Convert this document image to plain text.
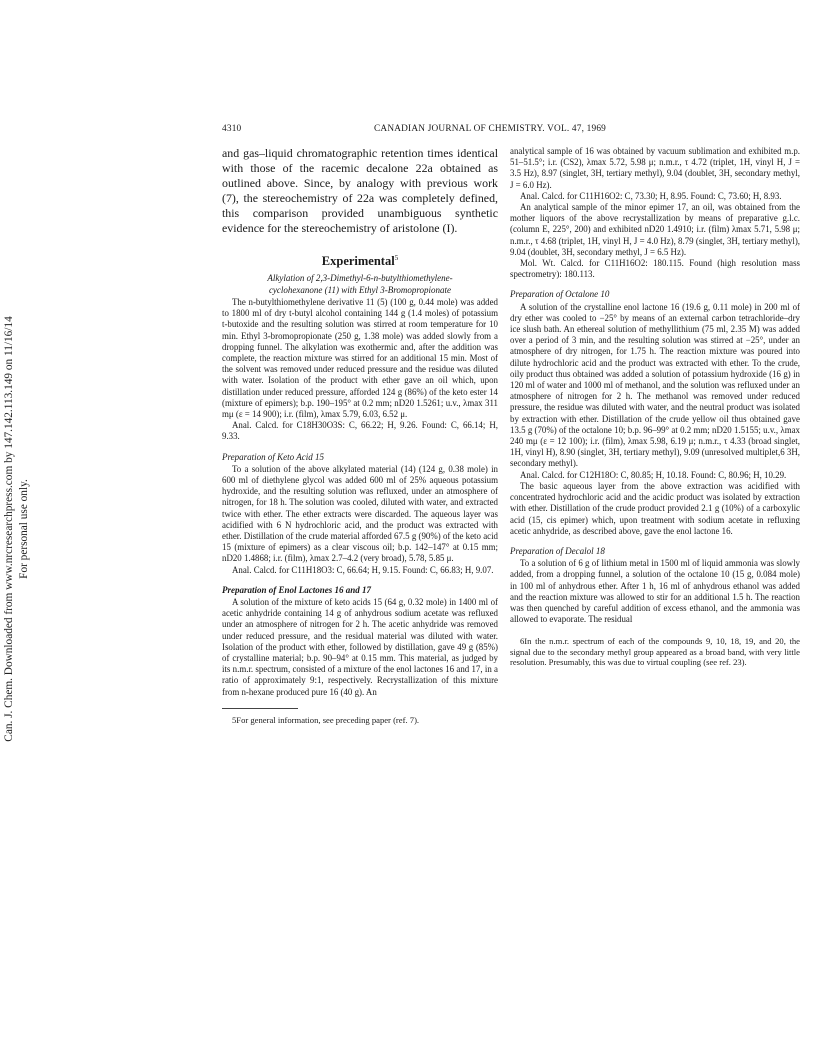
4310	CANADIAN JOURNAL OF CHEMISTRY. VOL. 47, 1969
Can. J. Chem. Downloaded from www.nrcresearchpress.com by 147.142.113.149 on 11/16/14 For personal use only.

and gas–liquid chromatographic retention times identical with those of the racemic decalone 22a obtained as outlined above. Since, by analogy with previous work (7), the stereochemistry of 22a was completely defined, this comparison provided unambiguous synthetic evidence for the stereochemistry of aristolone (I).

Experimental$^5$

Alkylation of 2,3-Dimethyl-6-n-butylthiomethylene-

cyclohexanone (11) with Ethyl 3-Bromopropionate

The n-butylthiomethylene derivative 11 (5) (100 g, 0.44 mole) was added to 1800 ml of dry t-butyl alcohol containing 144 g (1.4 moles) of potassium t-butoxide and the resulting solution was stirred at room temperature for 10 min. Ethyl 3-bromopropionate (250 g, 1.38 mole) was added slowly from a dropping funnel. The alkylation was exothermic and, after the addition was complete, the reaction mixture was stirred for an additional 15 min. Most of the solvent was removed under reduced pressure and the residue was diluted with water. Isolation of the product with ether gave an oil which, upon distillation under reduced pressure, afforded 124 g (86%) of the keto ester 14 (mixture of epimers); b.p. 190–195° at 0.2 mm; nD20 1.5261; u.v., λmax 311 mμ (ε = 14 900); i.r. (film), λmax 5.79, 6.03, 6.52 μ.

Anal. Calcd. for C18H30O3S: C, 66.22; H, 9.26. Found: C, 66.14; H, 9.33.

Preparation of Keto Acid 15

To a solution of the above alkylated material (14) (124 g, 0.38 mole) in 600 ml of diethylene glycol was added 600 ml of 25% aqueous potassium hydroxide, and the resulting solution was refluxed, under an atmosphere of nitrogen, for 18 h. The solution was cooled, diluted with water, and extracted twice with ether. The ether extracts were discarded. The aqueous layer was acidified with 6 N hydrochloric acid, and the product was extracted with ether. Distillation of the crude material afforded 67.5 g (90%) of the keto acid 15 (mixture of epimers) as a clear viscous oil; b.p. 142–147° at 0.15 mm; nD20 1.4868; i.r. (film), λmax 2.7–4.2 (very broad), 5.78, 5.85 μ.

Anal. Calcd. for C11H18O3: C, 66.64; H, 9.15. Found: C, 66.83; H, 9.07.

Preparation of Enol Lactones 16 and 17

A solution of the mixture of keto acids 15 (64 g, 0.32 mole) in 1400 ml of acetic anhydride containing 14 g of anhydrous sodium acetate was refluxed under an atmosphere of nitrogen for 2 h. The acetic anhydride was removed under reduced pressure, and the residual material was diluted with water. Isolation of the product with ether, followed by distillation, gave 49 g (85%) of crystalline material; b.p. 90–94° at 0.15 mm. This material, as judged by its n.m.r. spectrum, consisted of a mixture of the enol lactones 16 and 17, in a ratio of approximately 9:1, respectively. Recrystallization of this mixture from n-hexane produced pure 16 (40 g). An

5For general information, see preceding paper (ref. 7).

analytical sample of 16 was obtained by vacuum sublimation and exhibited m.p. 51–51.5°; i.r. (CS2), λmax 5.72, 5.98 μ; n.m.r., τ 4.72 (triplet, 1H, vinyl H, J = 3.5 Hz), 8.97 (singlet, 3H, tertiary methyl), 9.04 (doublet, 3H, secondary methyl, J = 6.0 Hz).

Anal. Calcd. for C11H16O2: C, 73.30; H, 8.95. Found: C, 73.60; H, 8.93.

An analytical sample of the minor epimer 17, an oil, was obtained from the mother liquors of the above recrystallization by means of preparative g.l.c. (column E, 225°, 200) and exhibited nD20 1.4910; i.r. (film) λmax 5.71, 5.98 μ; n.m.r., τ 4.68 (triplet, 1H, vinyl H, J = 4.0 Hz), 8.79 (singlet, 3H, tertiary methyl), 9.04 (doublet, 3H, secondary methyl, J = 6.5 Hz).

Mol. Wt. Calcd. for C11H16O2: 180.115. Found (high resolution mass spectrometry): 180.113.

Preparation of Octalone 10

A solution of the crystalline enol lactone 16 (19.6 g, 0.11 mole) in 200 ml of dry ether was cooled to −25° by means of an external carbon tetrachloride–dry ice slush bath. An ethereal solution of methyllithium (75 ml, 2.35 M) was added over a period of 3 min, and the resulting solution was stirred at −25°, under an atmosphere of dry nitrogen, for 1.75 h. The reaction mixture was poured into dilute hydrochloric acid and the product was extracted with ether. To the crude, oily product thus obtained was added a solution of potassium hydroxide (16 g) in 120 ml of water and 1000 ml of methanol, and the solution was refluxed under an atmosphere of nitrogen for 2 h. The methanol was removed under reduced pressure, the residue was diluted with water, and the neutral product was isolated by extraction with ether. Distillation of the crude yellow oil thus obtained gave 13.5 g (70%) of the octalone 10; b.p. 96–99° at 0.2 mm; nD20 1.5155; u.v., λmax 240 mμ (ε = 12 100); i.r. (film), λmax 5.98, 6.19 μ; n.m.r., τ 4.33 (broad singlet, 1H, vinyl H), 8.90 (singlet, 3H, tertiary methyl), 9.09 (unresolved multiplet,6 3H, secondary methyl).

Anal. Calcd. for C12H18O: C, 80.85; H, 10.18. Found: C, 80.96; H, 10.29.

The basic aqueous layer from the above extraction was acidified with concentrated hydrochloric acid and the acidic product was isolated by extraction with ether. Distillation of the crude product provided 2.1 g (10%) of a carboxylic acid (15, cis epimer) which, upon treatment with sodium acetate in refluxing acetic anhydride, as described above, gave the enol lactone 16.

Preparation of Decalol 18

To a solution of 6 g of lithium metal in 1500 ml of liquid ammonia was slowly added, from a dropping funnel, a solution of the octalone 10 (15 g, 0.084 mole) in 100 ml of anhydrous ether. After 1 h, 16 ml of anhydrous ethanol was added and the reaction mixture was allowed to stir for an additional 1.5 h. The reaction was then quenched by careful addition of excess ethanol, and the ammonia was allowed to evaporate. The residual

6In the n.m.r. spectrum of each of the compounds 9, 10, 18, 19, and 20, the signal due to the secondary methyl group appeared as a broad band, with very little resolution. Presumably, this was due to virtual coupling (see ref. 23).
